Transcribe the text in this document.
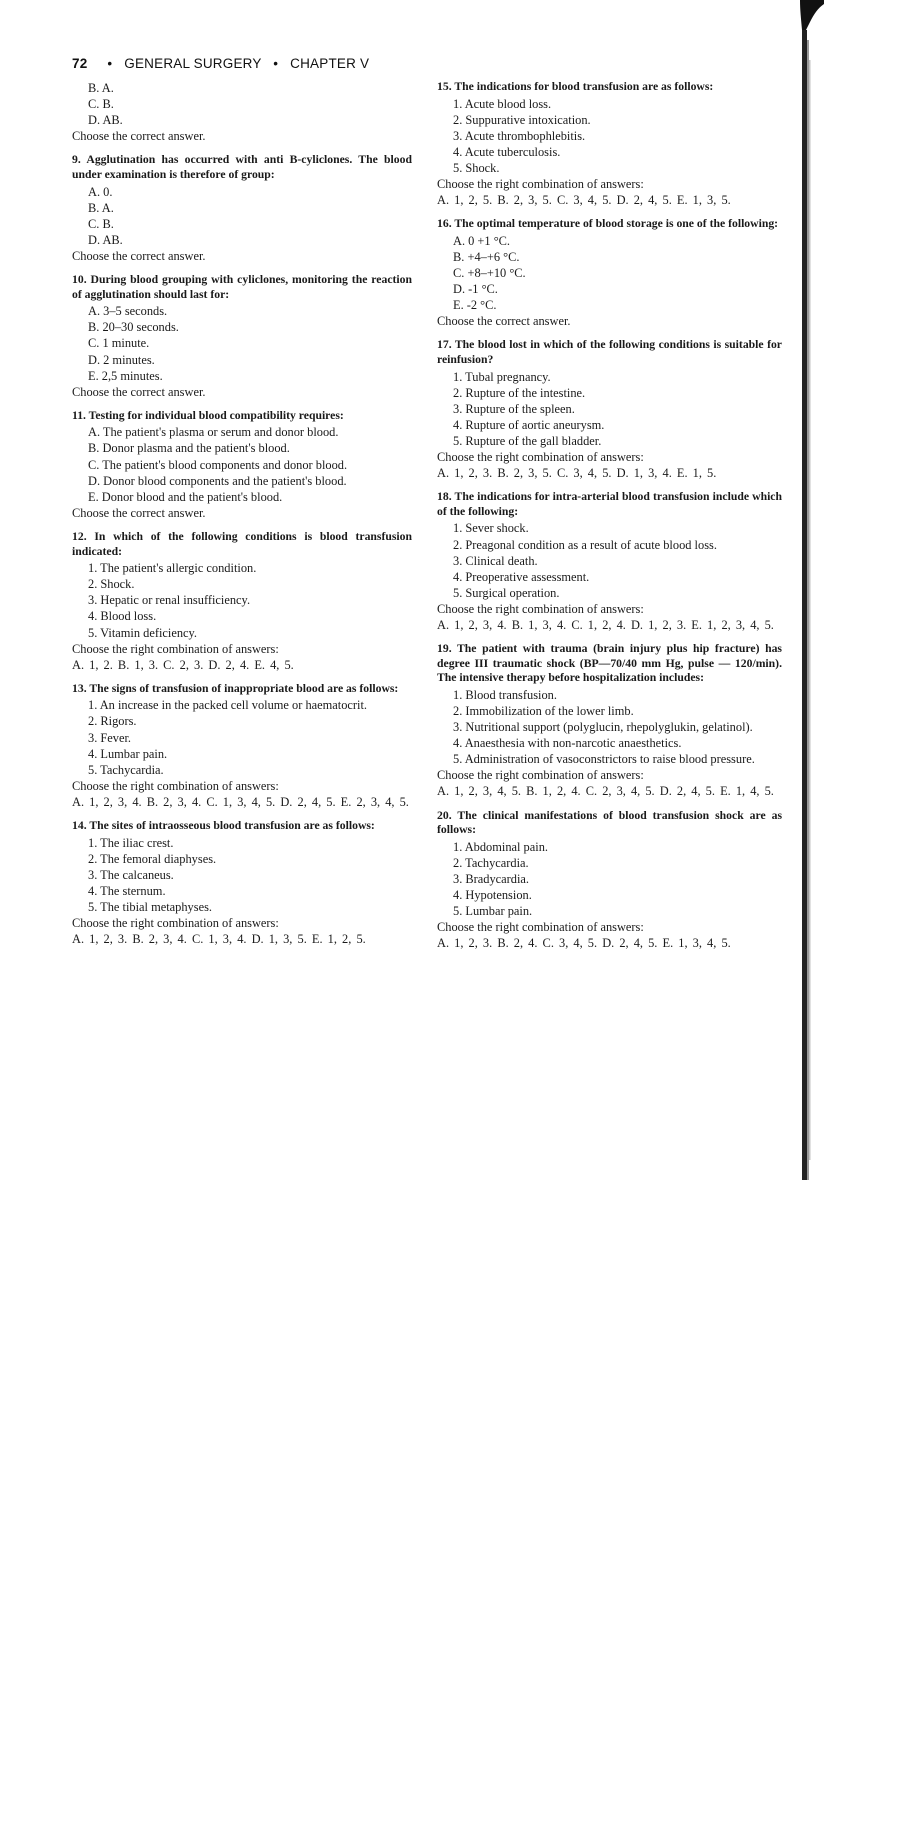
72 • GENERAL SURGERY • CHAPTER V
B. A.
C. B.
D. AB.

Choose the correct answer.

9. Agglutination has occurred with anti B-cyliclones. The blood under examination is therefore of group:
A. 0.
B. A.
C. B.
D. AB.

Choose the correct answer.

10. During blood grouping with cyliclones, monitoring the reaction of agglutination should last for:
A. 3–5 seconds.
B. 20–30 seconds.
C. 1 minute.
D. 2 minutes.
E. 2,5 minutes.

Choose the correct answer.

11. Testing for individual blood compatibility requires:
A. The patient's plasma or serum and donor blood.
B. Donor plasma and the patient's blood.
C. The patient's blood components and donor blood.
D. Donor blood components and the patient's blood.
E. Donor blood and the patient's blood.

Choose the correct answer.

12. In which of the following conditions is blood transfusion indicated:
1. The patient's allergic condition.
2. Shock.
3. Hepatic or renal insufficiency.
4. Blood loss.
5. Vitamin deficiency.

Choose the right combination of answers:

A. 1, 2. B. 1, 3. C. 2, 3. D. 2, 4. E. 4, 5.

13. The signs of transfusion of inappropriate blood are as follows:
1. An increase in the packed cell volume or haematocrit.
2. Rigors.
3. Fever.
4. Lumbar pain.
5. Tachycardia.

Choose the right combination of answers:

A. 1, 2, 3, 4. B. 2, 3, 4. C. 1, 3, 4, 5. D. 2, 4, 5. E. 2, 3, 4, 5.

14. The sites of intraosseous blood transfusion are as follows:
1. The iliac crest.
2. The femoral diaphyses.
3. The calcaneus.
4. The sternum.
5. The tibial metaphyses.

Choose the right combination of answers:

A. 1, 2, 3. B. 2, 3, 4. C. 1, 3, 4. D. 1, 3, 5. E. 1, 2, 5.

15. The indications for blood transfusion are as follows:
1. Acute blood loss.
2. Suppurative intoxication.
3. Acute thrombophlebitis.
4. Acute tuberculosis.
5. Shock.

Choose the right combination of answers:

A. 1, 2, 5. B. 2, 3, 5. C. 3, 4, 5. D. 2, 4, 5. E. 1, 3, 5.

16. The optimal temperature of blood storage is one of the following:
A. 0 +1 °C.
B. +4–+6 °C.
C. +8–+10 °C.
D. -1 °C.
E. -2 °C.

Choose the correct answer.

17. The blood lost in which of the following conditions is suitable for reinfusion?
1. Tubal pregnancy.
2. Rupture of the intestine.
3. Rupture of the spleen.
4. Rupture of aortic aneurysm.
5. Rupture of the gall bladder.

Choose the right combination of answers:

A. 1, 2, 3. B. 2, 3, 5. C. 3, 4, 5. D. 1, 3, 4. E. 1, 5.

18. The indications for intra-arterial blood transfusion include which of the following:
1. Sever shock.
2. Preagonal condition as a result of acute blood loss.
3. Clinical death.
4. Preoperative assessment.
5. Surgical operation.

Choose the right combination of answers:

A. 1, 2, 3, 4. B. 1, 3, 4. C. 1, 2, 4. D. 1, 2, 3. E. 1, 2, 3, 4, 5.

19. The patient with trauma (brain injury plus hip fracture) has degree III traumatic shock (BP—70/40 mm Hg, pulse — 120/min). The intensive therapy before hospitalization includes:
1. Blood transfusion.
2. Immobilization of the lower limb.
3. Nutritional support (polyglucin, rhepolyglukin, gelatinol).
4. Anaesthesia with non-narcotic anaesthetics.
5. Administration of vasoconstrictors to raise blood pressure.

Choose the right combination of answers:

A. 1, 2, 3, 4, 5. B. 1, 2, 4. C. 2, 3, 4, 5. D. 2, 4, 5. E. 1, 4, 5.

20. The clinical manifestations of blood transfusion shock are as follows:
1. Abdominal pain.
2. Tachycardia.
3. Bradycardia.
4. Hypotension.
5. Lumbar pain.

Choose the right combination of answers:

A. 1, 2, 3. B. 2, 4. C. 3, 4, 5. D. 2, 4, 5. E. 1, 3, 4, 5.
